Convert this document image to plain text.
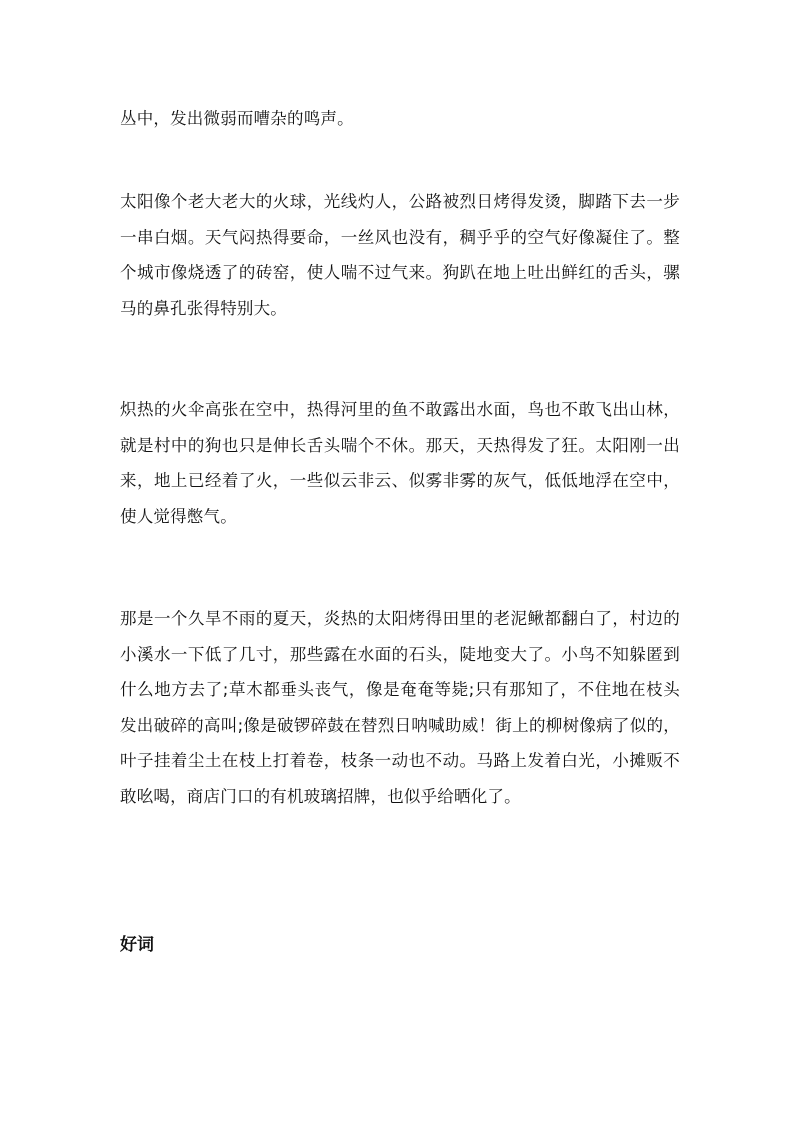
丛中，发出微弱而嘈杂的鸣声。

太阳像个老大老大的火球，光线灼人，公路被烈日烤得发烫，脚踏下去一步一串白烟。天气闷热得要命，一丝风也没有，稠乎乎的空气好像凝住了。整个城市像烧透了的砖窑，使人喘不过气来。狗趴在地上吐出鲜红的舌头，骡马的鼻孔张得特别大。

炽热的火伞高张在空中，热得河里的鱼不敢露出水面，鸟也不敢飞出山林，就是村中的狗也只是伸长舌头喘个不休。那天，天热得发了狂。太阳刚一出来，地上已经着了火，一些似云非云、似雾非雾的灰气，低低地浮在空中，使人觉得憋气。

那是一个久旱不雨的夏天，炎热的太阳烤得田里的老泥鳅都翻白了，村边的小溪水一下低了几寸，那些露在水面的石头，陡地变大了。小鸟不知躲匿到什么地方去了;草木都垂头丧气，像是奄奄等毙;只有那知了，不住地在枝头发出破碎的高叫;像是破锣碎鼓在替烈日呐喊助威！街上的柳树像病了似的，叶子挂着尘土在枝上打着卷，枝条一动也不动。马路上发着白光，小摊贩不敢吆喝，商店门口的有机玻璃招牌，也似乎给晒化了。

好词
